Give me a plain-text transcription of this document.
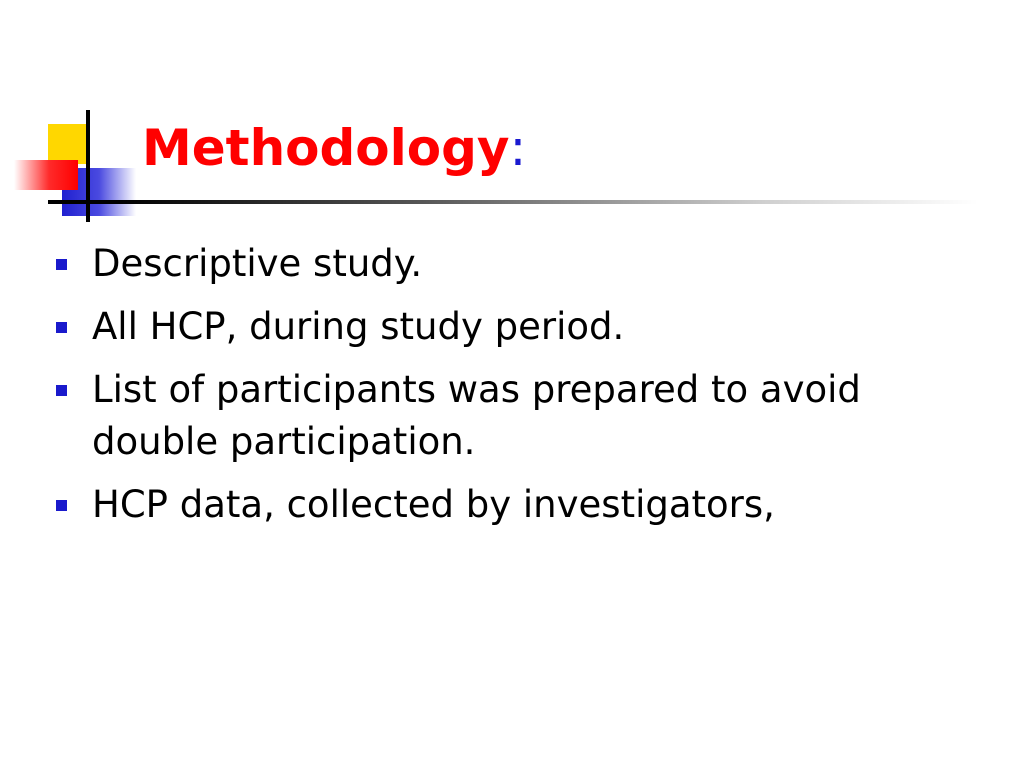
Methodology:
Descriptive study.
All HCP, during study period.
List of participants was prepared to avoid double participation.
HCP data, collected by investigators,
